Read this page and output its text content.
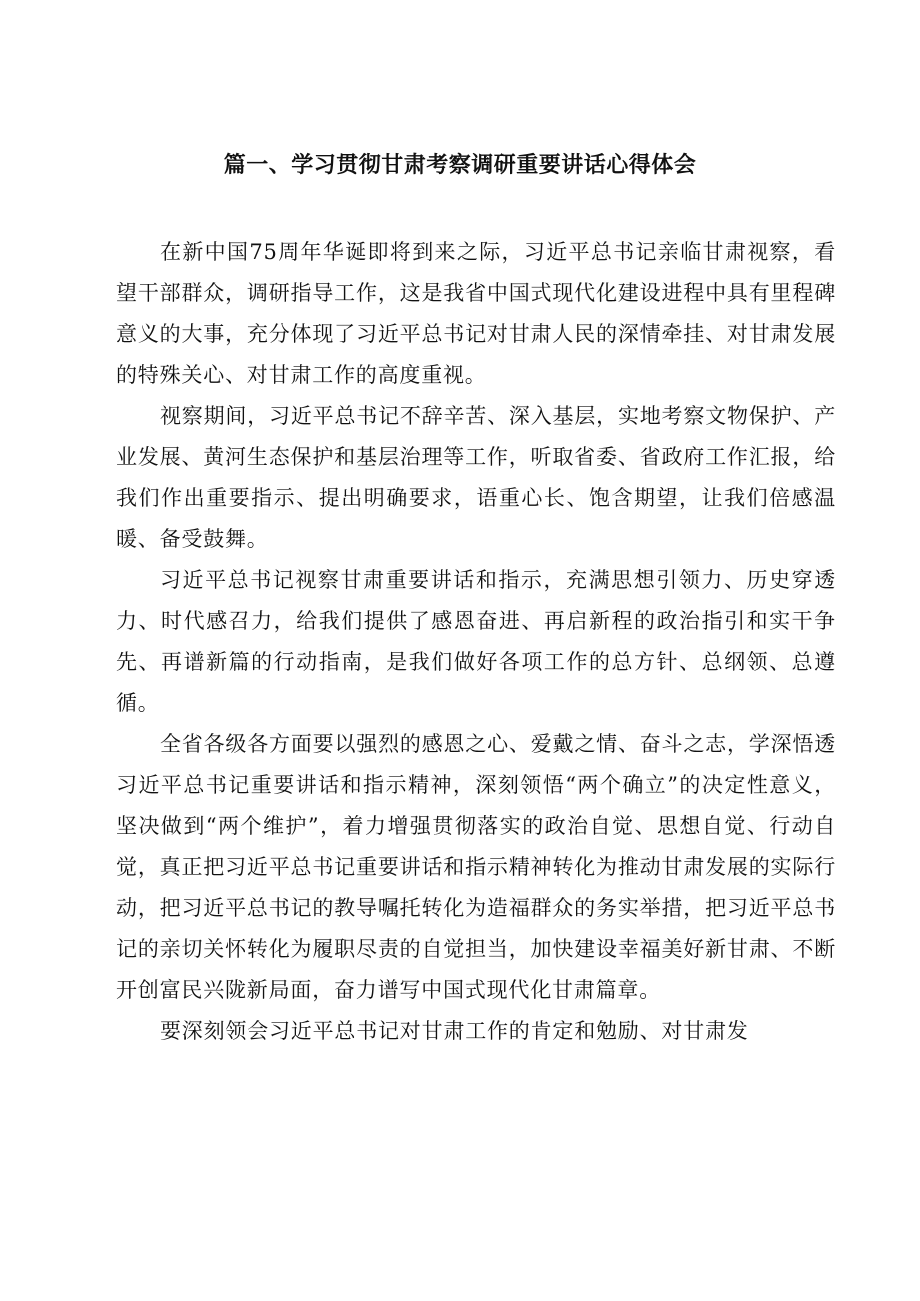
篇一、学习贯彻甘肃考察调研重要讲话心得体会

在新中国75周年华诞即将到来之际，习近平总书记亲临甘肃视察，看望干部群众，调研指导工作，这是我省中国式现代化建设进程中具有里程碑意义的大事，充分体现了习近平总书记对甘肃人民的深情牵挂、对甘肃发展的特殊关心、对甘肃工作的高度重视。

视察期间，习近平总书记不辞辛苦、深入基层，实地考察文物保护、产业发展、黄河生态保护和基层治理等工作，听取省委、省政府工作汇报，给我们作出重要指示、提出明确要求，语重心长、饱含期望，让我们倍感温暖、备受鼓舞。

习近平总书记视察甘肃重要讲话和指示，充满思想引领力、历史穿透力、时代感召力，给我们提供了感恩奋进、再启新程的政治指引和实干争先、再谱新篇的行动指南，是我们做好各项工作的总方针、总纲领、总遵循。

全省各级各方面要以强烈的感恩之心、爱戴之情、奋斗之志，学深悟透习近平总书记重要讲话和指示精神，深刻领悟“两个确立”的决定性意义，坚决做到“两个维护”，着力增强贯彻落实的政治自觉、思想自觉、行动自觉，真正把习近平总书记重要讲话和指示精神转化为推动甘肃发展的实际行动，把习近平总书记的教导嘱托转化为造福群众的务实举措，把习近平总书记的亲切关怀转化为履职尽责的自觉担当，加快建设幸福美好新甘肃、不断开创富民兴陇新局面，奋力谱写中国式现代化甘肃篇章。

要深刻领会习近平总书记对甘肃工作的肯定和勉励、对甘肃发
